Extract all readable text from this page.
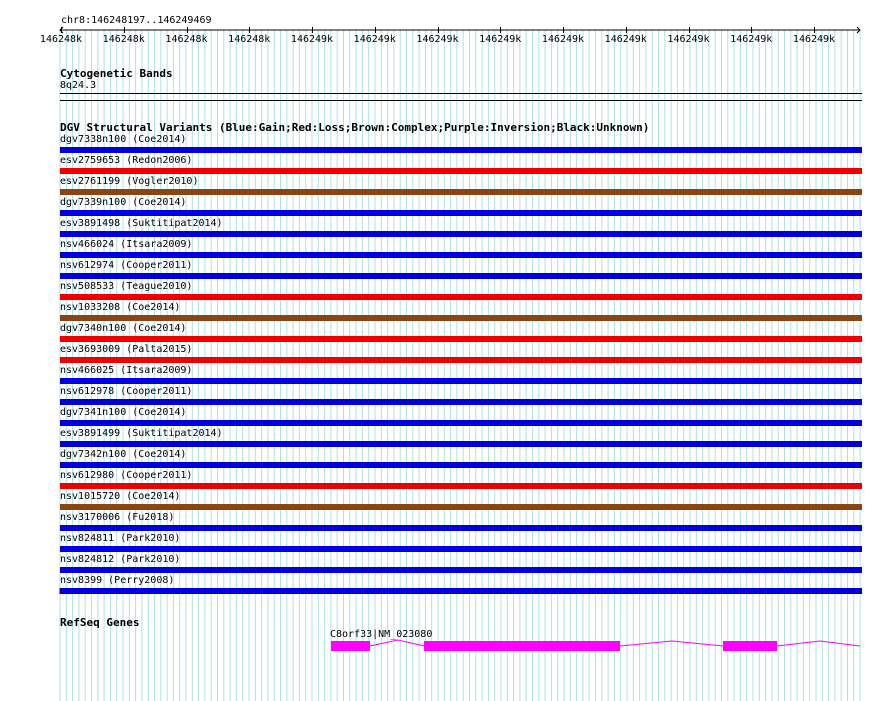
chr8:146248197..146249469
146248k 146248k 146248k 146248k 146249k 146249k 146249k 146249k 146249k 146249k 146249k 146249k 146249k
Cytogenetic Bands
8q24.3
DGV Structural Variants (Blue:Gain;Red:Loss;Brown:Complex;Purple:Inversion;Black:Unknown)
dgv7338n100 (Coe2014)
esv2759653 (Redon2006)
esv2761199 (Vogler2010)
dgv7339n100 (Coe2014)
esv3891498 (Suktitipat2014)
nsv466024 (Itsara2009)
nsv612974 (Cooper2011)
nsv508533 (Teague2010)
nsv1033208 (Coe2014)
dgv7340n100 (Coe2014)
esv3693009 (Palta2015)
nsv466025 (Itsara2009)
nsv612978 (Cooper2011)
dgv7341n100 (Coe2014)
esv3891499 (Suktitipat2014)
dgv7342n100 (Coe2014)
nsv612980 (Cooper2011)
nsv1015720 (Coe2014)
nsv3170006 (Fu2018)
nsv824811 (Park2010)
nsv824812 (Park2010)
nsv8399 (Perry2008)
RefSeq Genes
C8orf33|NM_023080
